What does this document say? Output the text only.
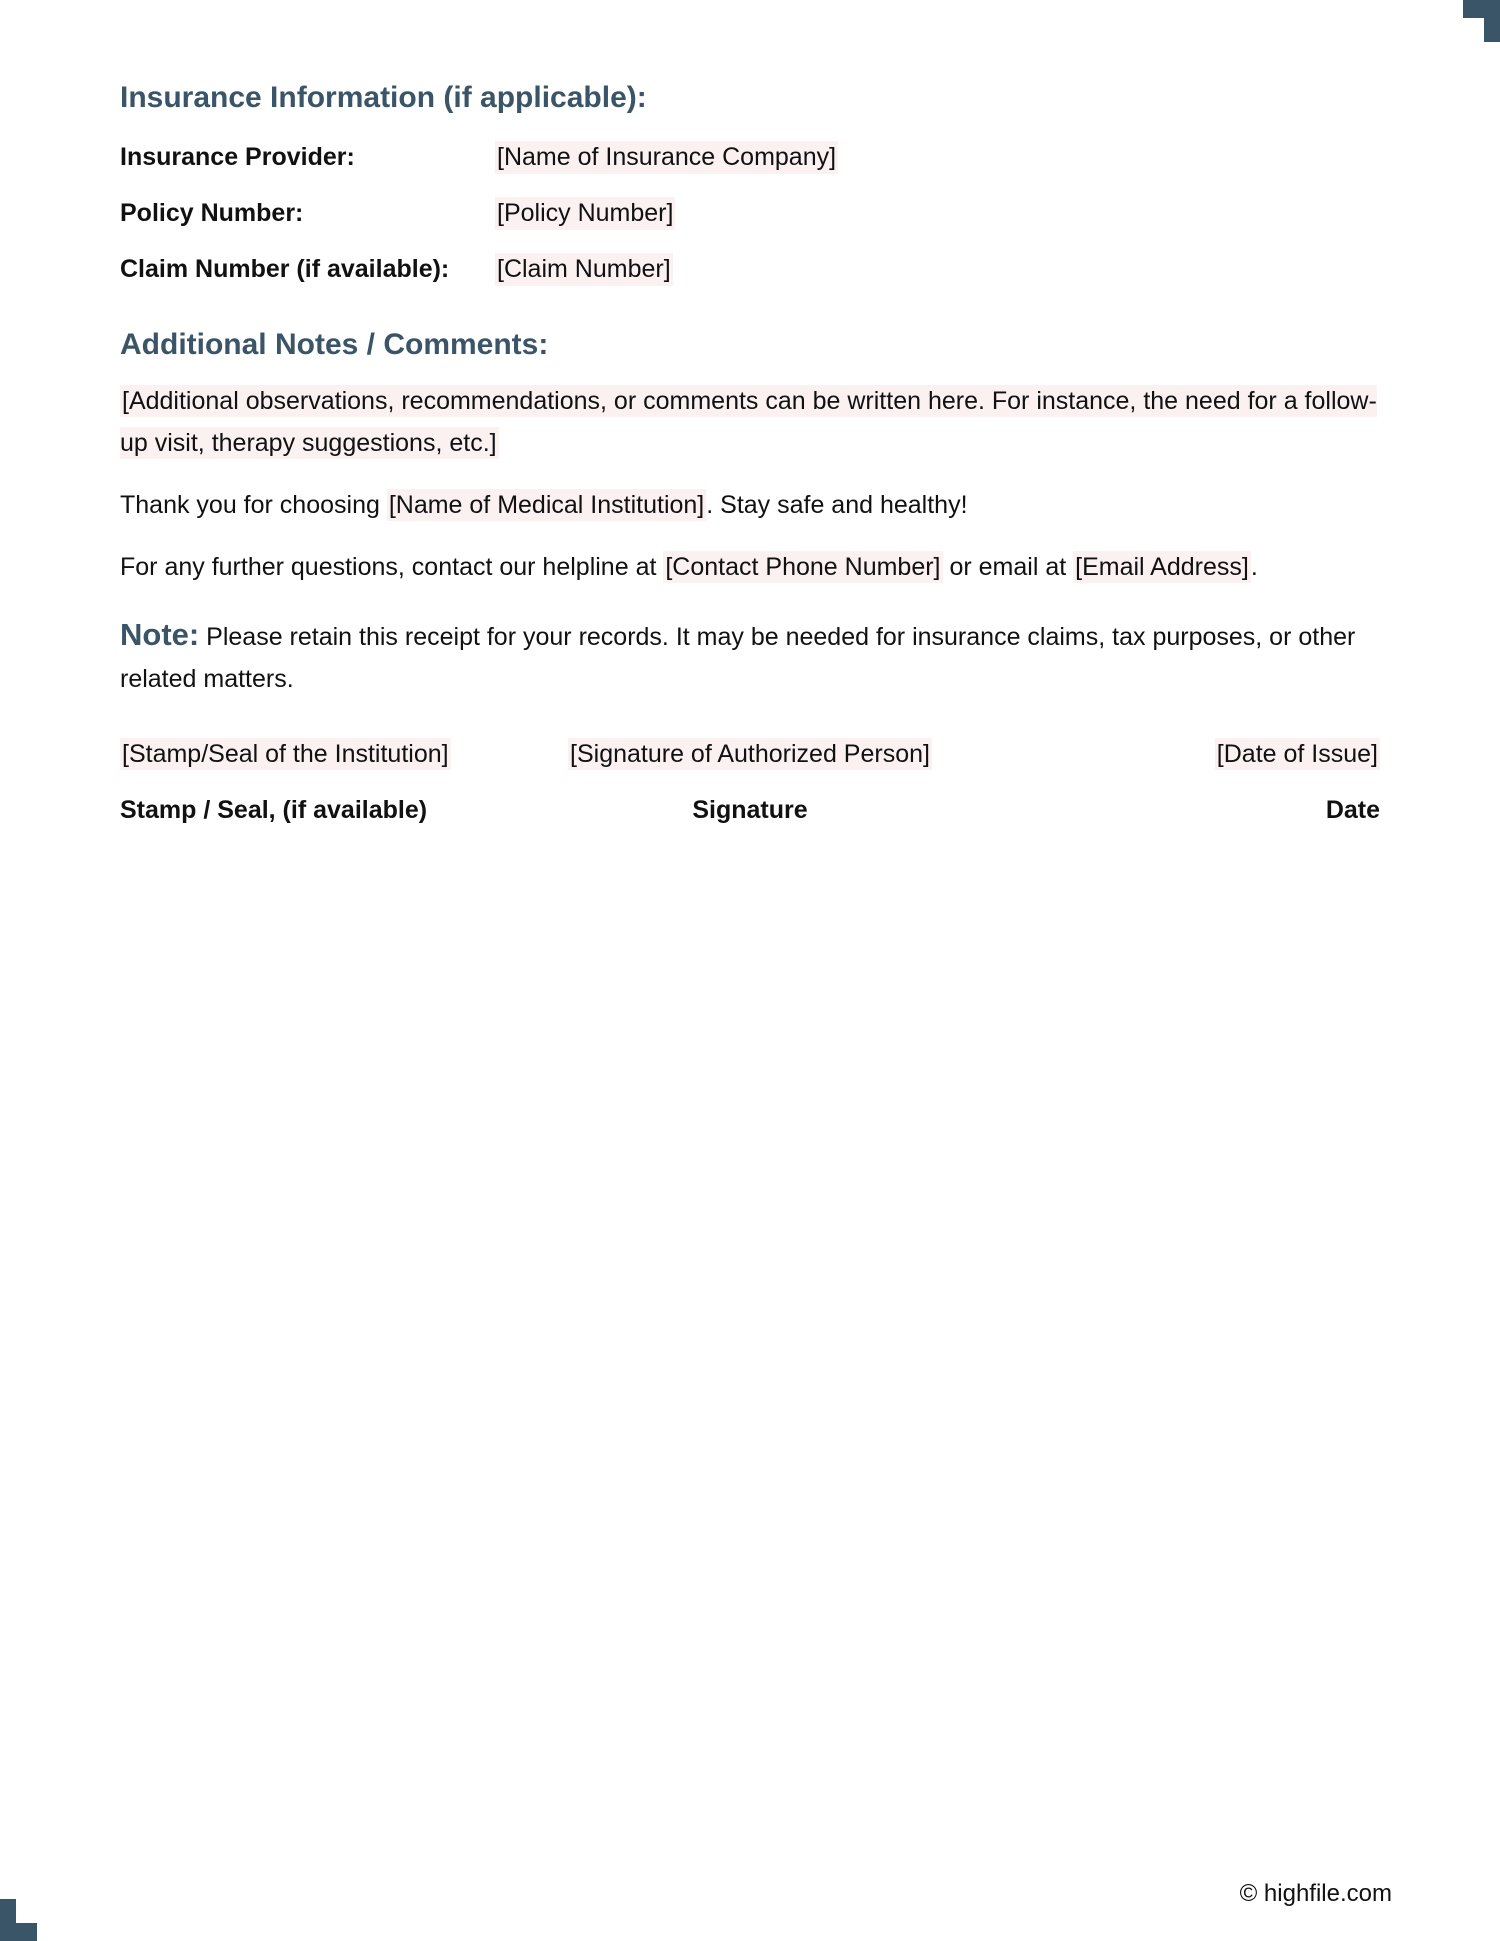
Insurance Information (if applicable):
Insurance Provider:	[Name of Insurance Company]
Policy Number:	[Policy Number]
Claim Number (if available):	[Claim Number]
Additional Notes / Comments:

[Additional observations, recommendations, or comments can be written here. For instance, the need for a follow-up visit, therapy suggestions, etc.]

Thank you for choosing [Name of Medical Institution]. Stay safe and healthy!

For any further questions, contact our helpline at [Contact Phone Number] or email at [Email Address].

Note: Please retain this receipt for your records. It may be needed for insurance claims, tax purposes, or other related matters.

[Stamp/Seal of the Institution]	[Signature of Authorized Person]	[Date of Issue]
Stamp / Seal, (if available)	Signature	Date
© highfile.com
